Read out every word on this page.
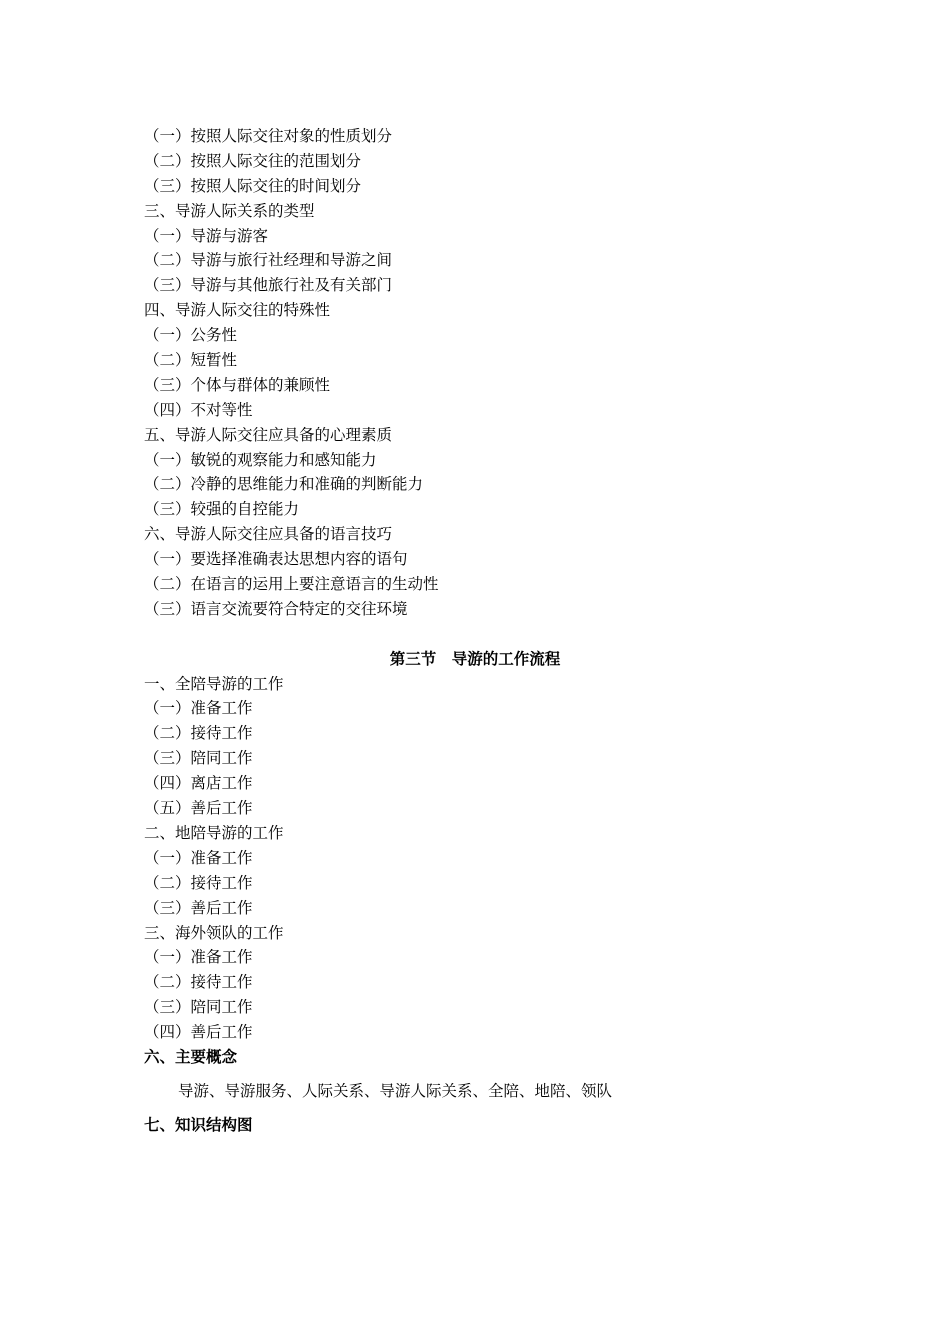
（一）按照人际交往对象的性质划分
（二）按照人际交往的范围划分
（三）按照人际交往的时间划分
三、导游人际关系的类型
（一）导游与游客
（二）导游与旅行社经理和导游之间
（三）导游与其他旅行社及有关部门
四、导游人际交往的特殊性
（一）公务性
（二）短暂性
（三）个体与群体的兼顾性
（四）不对等性
五、导游人际交往应具备的心理素质
（一）敏锐的观察能力和感知能力
（二）冷静的思维能力和准确的判断能力
（三）较强的自控能力
六、导游人际交往应具备的语言技巧
（一）要选择准确表达思想内容的语句
（二）在语言的运用上要注意语言的生动性
（三）语言交流要符合特定的交往环境
第三节　导游的工作流程
一、全陪导游的工作
（一）准备工作
（二）接待工作
（三）陪同工作
（四）离店工作
（五）善后工作
二、地陪导游的工作
（一）准备工作
（二）接待工作
（三）善后工作
三、海外领队的工作
（一）准备工作
（二）接待工作
（三）陪同工作
（四）善后工作
六、主要概念
导游、导游服务、人际关系、导游人际关系、全陪、地陪、领队
七、知识结构图
